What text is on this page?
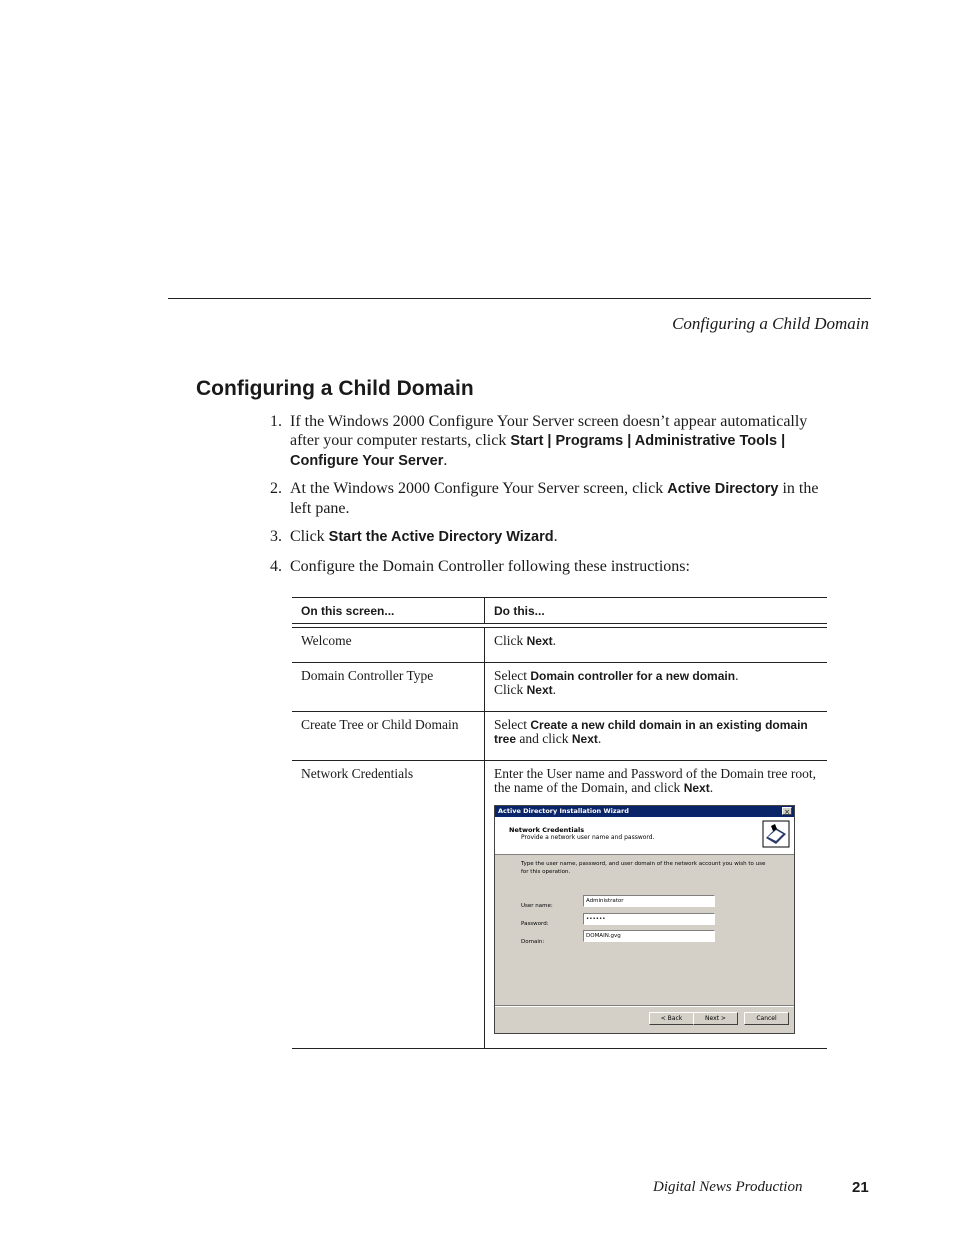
Configuring a Child Domain
Configuring a Child Domain
1. If the Windows 2000 Configure Your Server screen doesn’t appear automatically after your computer restarts, click Start | Programs | Administrative Tools | Configure Your Server.
2. At the Windows 2000 Configure Your Server screen, click Active Directory in the left pane.
3. Click Start the Active Directory Wizard.
4. Configure the Domain Controller following these instructions:
On this screen...	Do this...
Welcome	Click Next.
Domain Controller Type	Select Domain controller for a new domain.
Click Next.
Create Tree or Child Domain	Select Create a new child domain in an existing domain tree and click Next.
Network Credentials	Enter the User name and Password of the Domain tree root, the name of the Domain, and click Next.
Active Directory Installation Wizard	×
Network Credentials
Provide a network user name and password.
Type the user name, password, and user domain of the network account you wish to use for this operation.
User name:
Administrator
Password:
••••••
Domain:
DOMAIN.gvg
< Back	Next >	Cancel
Digital News Production	21
